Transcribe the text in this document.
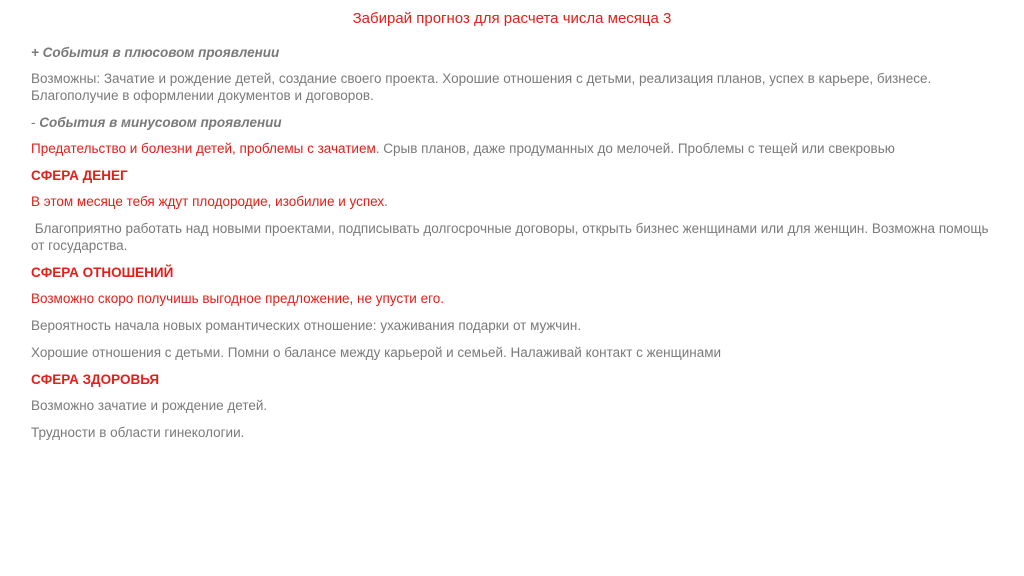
Забирай прогноз для расчета числа месяца 3

+ События в плюсовом проявлении

Возможны: Зачатие и рождение детей, создание своего проекта. Хорошие отношения с детьми, реализация планов, успех в карьере, бизнесе. Благополучие в оформлении документов и договоров.

- События в минусовом проявлении

Предательство и болезни детей, проблемы с зачатием. Срыв планов, даже продуманных до мелочей. Проблемы с тещей или свекровью

СФЕРА ДЕНЕГ

В этом месяце тебя ждут плодородие, изобилие и успех.

Благоприятно работать над новыми проектами, подписывать долгосрочные договоры, открыть бизнес женщинами или для женщин. Возможна помощь от государства.

СФЕРА ОТНОШЕНИЙ

Возможно скоро получишь выгодное предложение, не упусти его.

Вероятность начала новых романтических отношение: ухаживания подарки от мужчин.

Хорошие отношения с детьми. Помни о балансе между карьерой и семьей. Налаживай контакт с женщинами

СФЕРА ЗДОРОВЬЯ

Возможно зачатие и рождение детей.

Трудности в области гинекологии.
